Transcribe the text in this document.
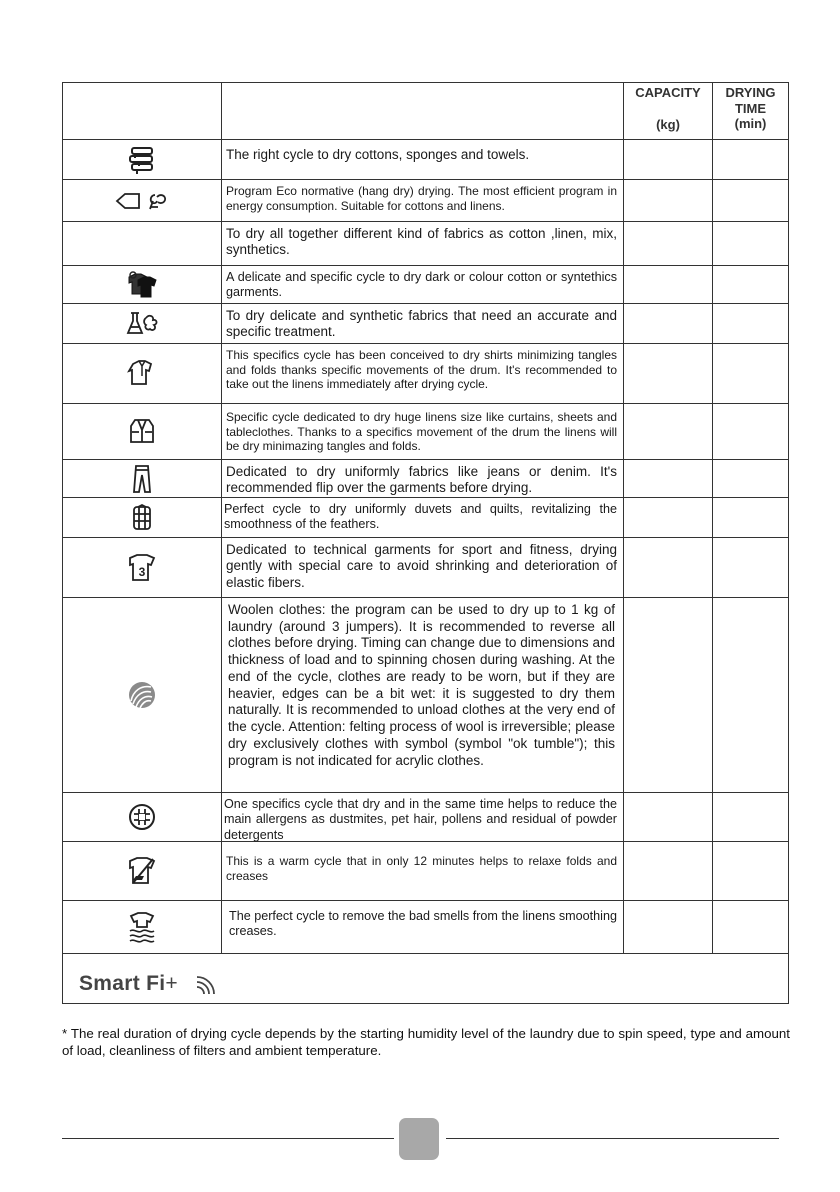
CAPACITY
(kg)
DRYING
TIME
(min)
The right cycle to dry cottons, sponges and towels.
Program Eco normative (hang dry) drying. The most efficient program in energy consumption. Suitable for cottons and linens.
To dry all together different kind of fabrics as cotton ,linen, mix, synthetics.
A delicate and specific cycle to dry dark or colour cotton or syntethics garments.
To dry delicate and synthetic fabrics that need an accurate and specific treatment.
This specifics cycle has been conceived to dry shirts minimizing tangles and folds thanks specific movements of the drum. It's recommended to take out the linens immediately after drying cycle.
Specific cycle dedicated to dry huge linens size like curtains, sheets and tableclothes. Thanks to a specifics movement of the drum the linens will be dry minimazing tangles and folds.
Dedicated to dry uniformly fabrics like jeans or denim. It's recommended flip over the garments before drying.
Perfect cycle to dry uniformly duvets and quilts, revitalizing the smoothness of the feathers.
3
Dedicated to technical garments for sport and fitness, drying gently with special care to avoid shrinking and deterioration of elastic fibers.
Woolen clothes: the program can be used to dry up to 1 kg of laundry (around 3 jumpers). It is recommended to reverse all clothes before drying. Timing can change due to dimensions and thickness of load and to spinning chosen during washing. At the end of the cycle, clothes are ready to be worn, but if they are heavier, edges can be a bit wet: it is suggested to dry them naturally. It is recommended to unload clothes at the very end of the cycle. Attention: felting process of wool is irreversible; please dry exclusively clothes with symbol (symbol "ok tumble"); this program is not indicated for acrylic clothes.
One specifics cycle that dry and in the same time helps to reduce the main allergens as dustmites, pet hair, pollens and residual of powder detergents
This is a warm cycle that in only 12 minutes helps to relaxe folds and creases
The perfect cycle to remove the bad smells from the linens smoothing creases.
Smart Fi+
* The real duration of drying cycle depends by the starting humidity level of the laundry due to spin speed, type and amount of load, cleanliness of filters and ambient temperature.
